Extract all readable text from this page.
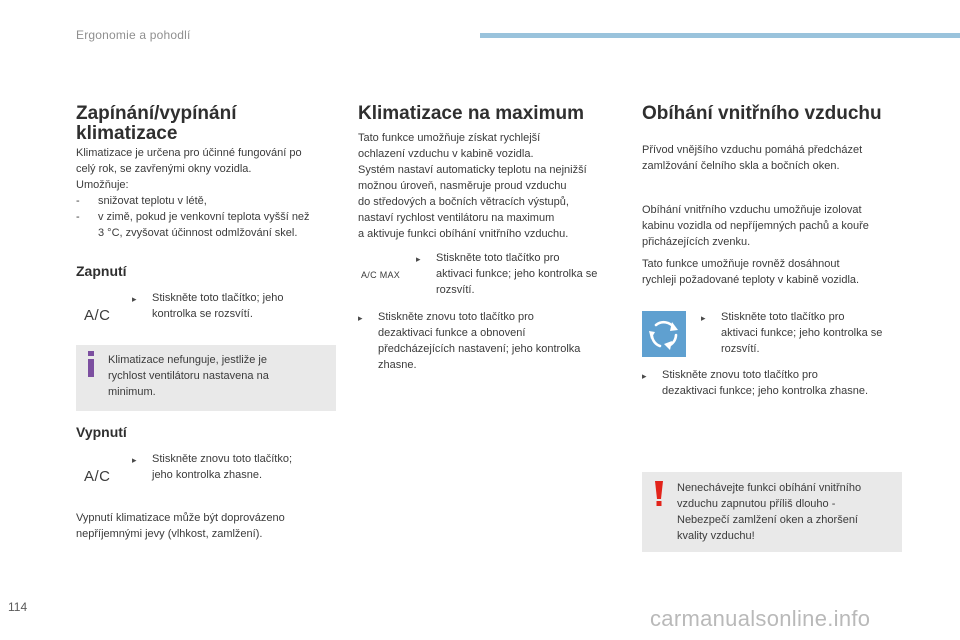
Ergonomie a pohodlí
Zapínání/vypínání
klimatizace
Klimatizace je určena pro účinné fungování po
celý rok, se zavřenými okny vozidla.
Umožňuje:
-	snižovat teplotu v létě,
-	v zimě, pokud je venkovní teplota vyšší než
3 °C, zvyšovat účinnost odmlžování skel.
Zapnutí
A/C
▸	Stiskněte toto tlačítko; jeho
kontrolka se rozsvítí.
Klimatizace nefunguje, jestliže je
rychlost ventilátoru nastavena na
minimum.
Vypnutí
A/C
▸	Stiskněte znovu toto tlačítko;
jeho kontrolka zhasne.
Vypnutí klimatizace může být doprovázeno
nepříjemnými jevy (vlhkost, zamlžení).
Klimatizace na maximum
Tato funkce umožňuje získat rychlejší
ochlazení vzduchu v kabině vozidla.
Systém nastaví automaticky teplotu na nejnižší
možnou úroveň, nasměruje proud vzduchu
do středových a bočních větracích výstupů,
nastaví rychlost ventilátoru na maximum
a aktivuje funkci obíhání vnitřního vzduchu.
A/C MAX
▸	Stiskněte toto tlačítko pro
aktivaci funkce; jeho kontrolka se
rozsvítí.
▸	Stiskněte znovu toto tlačítko pro
dezaktivaci funkce a obnovení
předcházejících nastavení; jeho kontrolka
zhasne.
Obíhání vnitřního vzduchu
Přívod vnějšího vzduchu pomáhá předcházet
zamlžování čelního skla a bočních oken.
Obíhání vnitřního vzduchu umožňuje izolovat
kabinu vozidla od nepříjemných pachů a kouře
přicházejících zvenku.
Tato funkce umožňuje rovněž dosáhnout
rychleji požadované teploty v kabině vozidla.
▸	Stiskněte toto tlačítko pro
aktivaci funkce; jeho kontrolka se
rozsvítí.
▸	Stiskněte znovu toto tlačítko pro
dezaktivaci funkce; jeho kontrolka zhasne.
Nenechávejte funkci obíhání vnitřního
vzduchu zapnutou příliš dlouho -
Nebezpečí zamlžení oken a zhoršení
kvality vzduchu!
114	carmanualsonline.info
